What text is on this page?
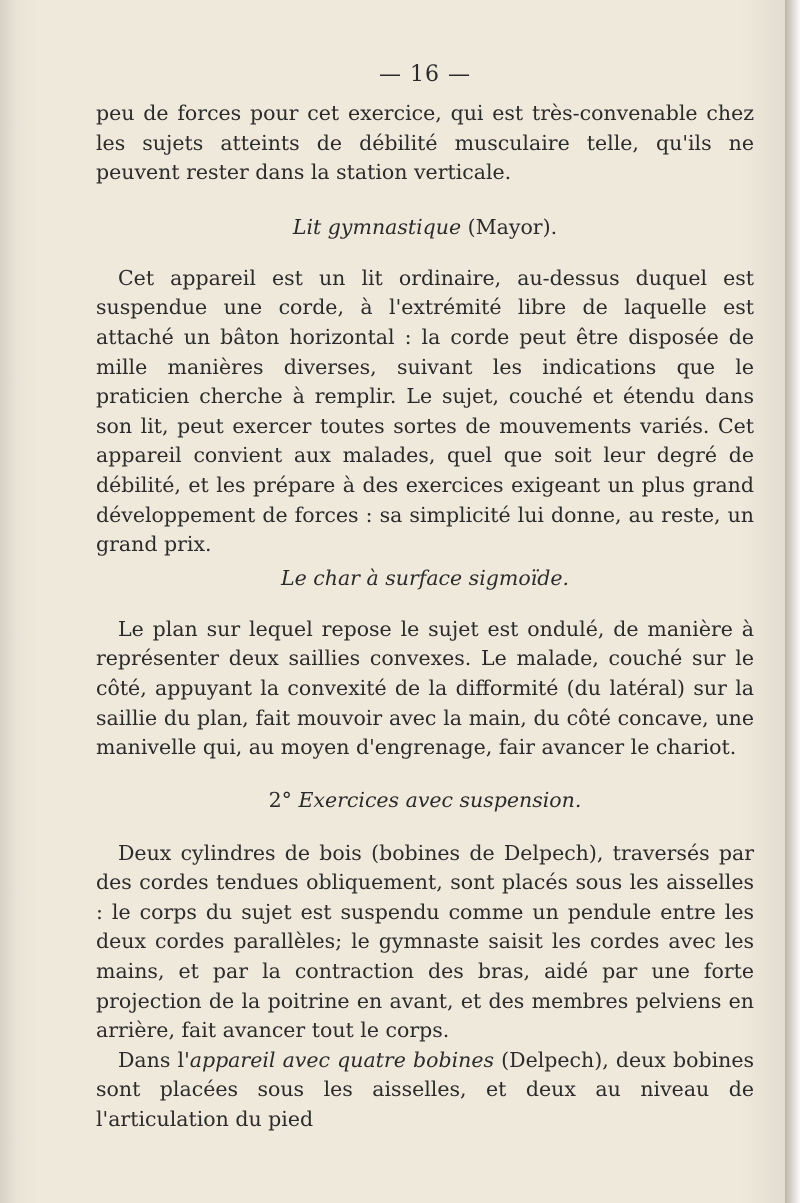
— 16 —

peu de forces pour cet exercice, qui est très-convenable chez les sujets atteints de débilité musculaire telle, qu'ils ne peuvent rester dans la station verticale.

Lit gymnastique (Mayor).

Cet appareil est un lit ordinaire, au-dessus duquel est suspendue une corde, à l'extrémité libre de laquelle est attaché un bâton horizontal : la corde peut être disposée de mille manières diverses, suivant les indications que le praticien cherche à remplir. Le sujet, couché et étendu dans son lit, peut exercer toutes sortes de mouvements variés. Cet appareil convient aux malades, quel que soit leur degré de débilité, et les prépare à des exercices exigeant un plus grand développement de forces : sa simplicité lui donne, au reste, un grand prix.

Le char à surface sigmoïde.

Le plan sur lequel repose le sujet est ondulé, de manière à représenter deux saillies convexes. Le malade, couché sur le côté, appuyant la convexité de la difformité (du latéral) sur la saillie du plan, fait mouvoir avec la main, du côté concave, une manivelle qui, au moyen d'engrenage, fair avancer le chariot.

2° Exercices avec suspension.

Deux cylindres de bois (bobines de Delpech), traversés par des cordes tendues obliquement, sont placés sous les aisselles : le corps du sujet est suspendu comme un pendule entre les deux cordes parallèles; le gymnaste saisit les cordes avec les mains, et par la contraction des bras, aidé par une forte projection de la poitrine en avant, et des membres pelviens en arrière, fait avancer tout le corps.

Dans l'appareil avec quatre bobines (Delpech), deux bobines sont placées sous les aisselles, et deux au niveau de l'articulation du pied
